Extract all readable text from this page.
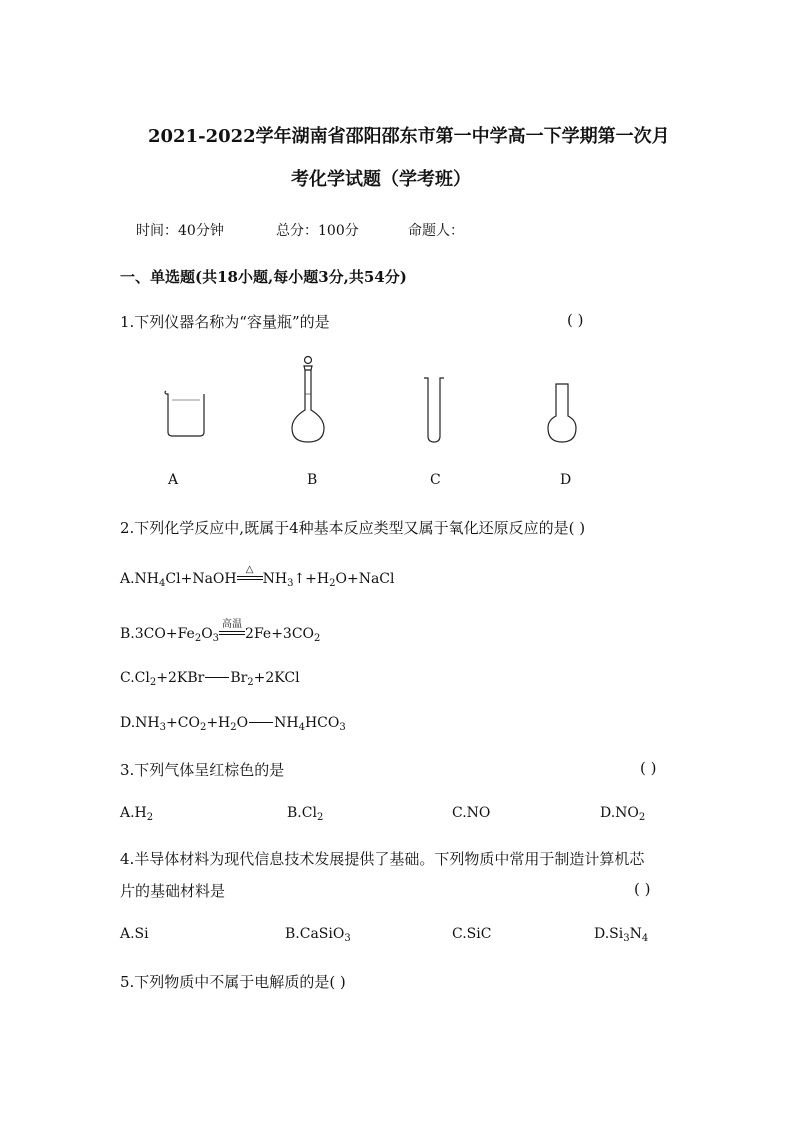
2021-2022学年湖南省邵阳邵东市第一中学高一下学期第一次月
考化学试题（学考班）
时间：40分钟	总分：100分	命题人：
一、单选题(共18小题,每小题3分,共54分)
1.下列仪器名称为“容量瓶”的是	( )
A	B	C	D
2.下列化学反应中,既属于4种基本反应类型又属于氧化还原反应的是( )
$A.NH_4Cl+NaOH$
△
$NH_3↑+H_2O+NaCl$
$B.3CO+Fe_2O_3$
高温
$2Fe+3CO_2$
$C.Cl_2+2KBr$ $Br_2+2KCl$
$D.NH_3+CO_2+H_2O$ $NH_4HCO_3$
3.下列气体呈红棕色的是	( )
$A.H_2$	$B.Cl_2$	C.NO	$D.NO_2$
4.半导体材料为现代信息技术发展提供了基础。下列物质中常用于制造计算机芯
片的基础材料是	( )
A.Si	B.CaSiO$_3$	C.SiC	$D.Si_3N_4$
5.下列物质中不属于电解质的是( )
